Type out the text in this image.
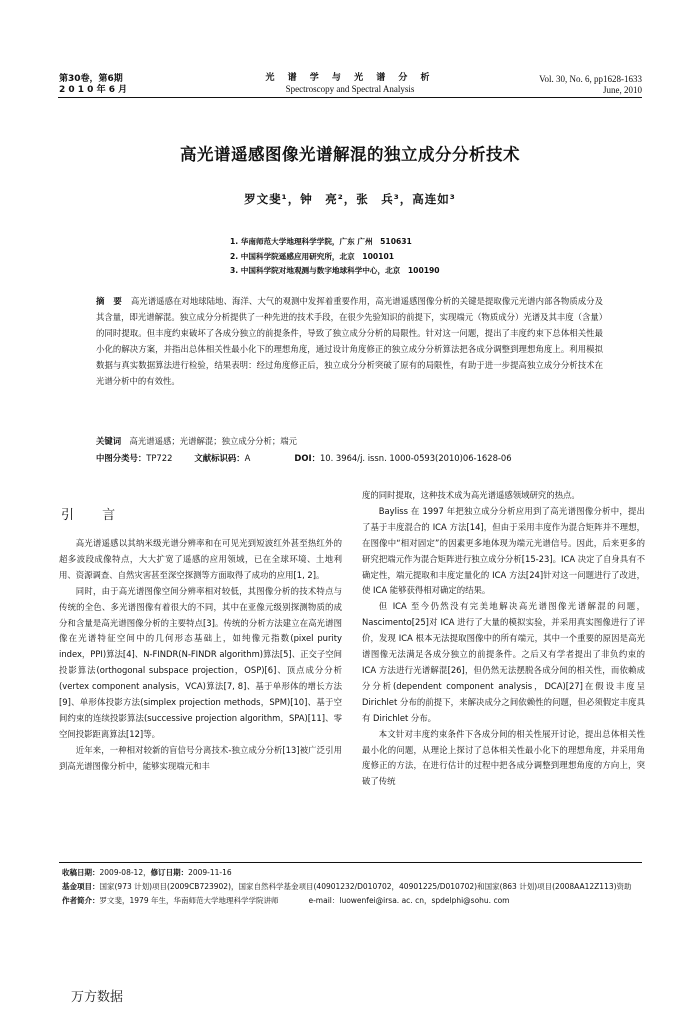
第30卷，第6期
2 0 1 0 年 6 月
光 谱 学 与 光 谱 分 析
Spectroscopy and Spectral Analysis
Vol. 30, No. 6, pp1628-1633
June, 2010
高光谱遥感图像光谱解混的独立成分分析技术
罗文斐¹，钟　亮²，张　兵³，高连如³
1. 华南师范大学地理科学学院，广东 广州　510631
2. 中国科学院遥感应用研究所，北京　100101
3. 中国科学院对地观测与数字地球科学中心，北京　100190
摘 要 高光谱遥感在对地球陆地、海洋、大气的观测中发挥着重要作用，高光谱遥感图像分析的关键是提取像元光谱内部各物质成分及其含量，即光谱解混。独立成分分析提供了一种先进的技术手段，在很少先验知识的前提下，实现端元（物质成分）光谱及其丰度（含量）的同时提取。但丰度约束破坏了各成分独立的前提条件，导致了独立成分分析的局限性。针对这一问题，提出了丰度约束下总体相关性最小化的解决方案，并指出总体相关性最小化下的理想角度，通过设计角度修正的独立成分分析算法把各成分调整到理想角度上。利用模拟数据与真实数据算法进行检验，结果表明：经过角度修正后，独立成分分析突破了原有的局限性，有助于进一步提高独立成分分析技术在光谱分析中的有效性。
关键词　 高光谱遥感；光谱解混；独立成分分析；端元
中图分类号：TP722	文献标识码：A	DOI：10. 3964/j. issn. 1000-0593(2010)06-1628-06
引 言

高光谱遥感以其纳米级光谱分辨率和在可见光到短波红外甚至热红外的超多波段成像特点，大大扩宽了遥感的应用领域，已在全球环境、土地利用、资源调查、自然灾害甚至深空探测等方面取得了成功的应用[1, 2]。

同时，由于高光谱图像空间分辨率相对较低，其图像分析的技术特点与传统的全色、多光谱图像有着很大的不同，其中在亚像元级别探测物质的成分和含量是高光谱图像分析的主要特点[3]。传统的分析方法建立在高光谱图像在光谱特征空间中的几何形态基础上，如纯像元指数(pixel purity index，PPI)算法[4]、N-FINDR(N-FINDR algorithm)算法[5]、正交子空间投影算法(orthogonal subspace projection，OSP)[6]、顶点成分分析(vertex component analysis，VCA)算法[7, 8]、基于单形体的增长方法[9]、单形体投影方法(simplex projection methods，SPM)[10]、基于空间约束的连续投影算法(successive projection algorithm，SPA)[11]、零空间投影距离算法[12]等。

近年来，一种相对较新的盲信号分离技术-独立成分分析[13]被广泛引用到高光谱图像分析中，能够实现端元和丰

度的同时提取，这种技术成为高光谱遥感领域研究的热点。

Bayliss 在 1997 年把独立成分分析应用到了高光谱图像分析中，提出了基于丰度混合的 ICA 方法[14]，但由于采用丰度作为混合矩阵并不理想，在图像中“相对固定”的因素更多地体现为端元光谱信号。因此，后来更多的研究把端元作为混合矩阵进行独立成分分析[15-23]。ICA 决定了自身具有不确定性，端元提取和丰度定量化的 ICA 方法[24]针对这一问题进行了改进，使 ICA 能够获得相对确定的结果。

但 ICA 至今仍然没有完美地解决高光谱图像光谱解混的问题，Nascimento[25]对 ICA 进行了大量的模拟实验，并采用真实图像进行了评价，发现 ICA 根本无法提取图像中的所有端元，其中一个重要的原因是高光谱图像无法满足各成分独立的前提条件。之后又有学者提出了非负约束的 ICA 方法进行光谱解混[26]，但仍然无法摆脱各成分间的相关性，而依赖成分分析(dependent component analysis，DCA)[27]在假设丰度呈 Dirichlet 分布的前提下，来解决成分之间依赖性的问题，但必须假定丰度具有 Dirichlet 分布。

本文针对丰度约束条件下各成分间的相关性展开讨论，提出总体相关性最小化的问题，从理论上探讨了总体相关性最小化下的理想角度，并采用角度修正的方法，在进行估计的过程中把各成分调整到理想角度的方向上，突破了传统

收稿日期：2009-08-12，修订日期：2009-11-16
基金项目：国家(973 计划)项目(2009CB723902)，国家自然科学基金项目(40901232/D010702，40901225/D010702)和国家(863 计划)项目(2008AA12Z113)资助
作者简介：罗文斐，1979 年生，华南师范大学地理科学学院讲师　　　　	e-mail：luowenfei@irsa. ac. cn，spdelphi@sohu. com
万方数据
